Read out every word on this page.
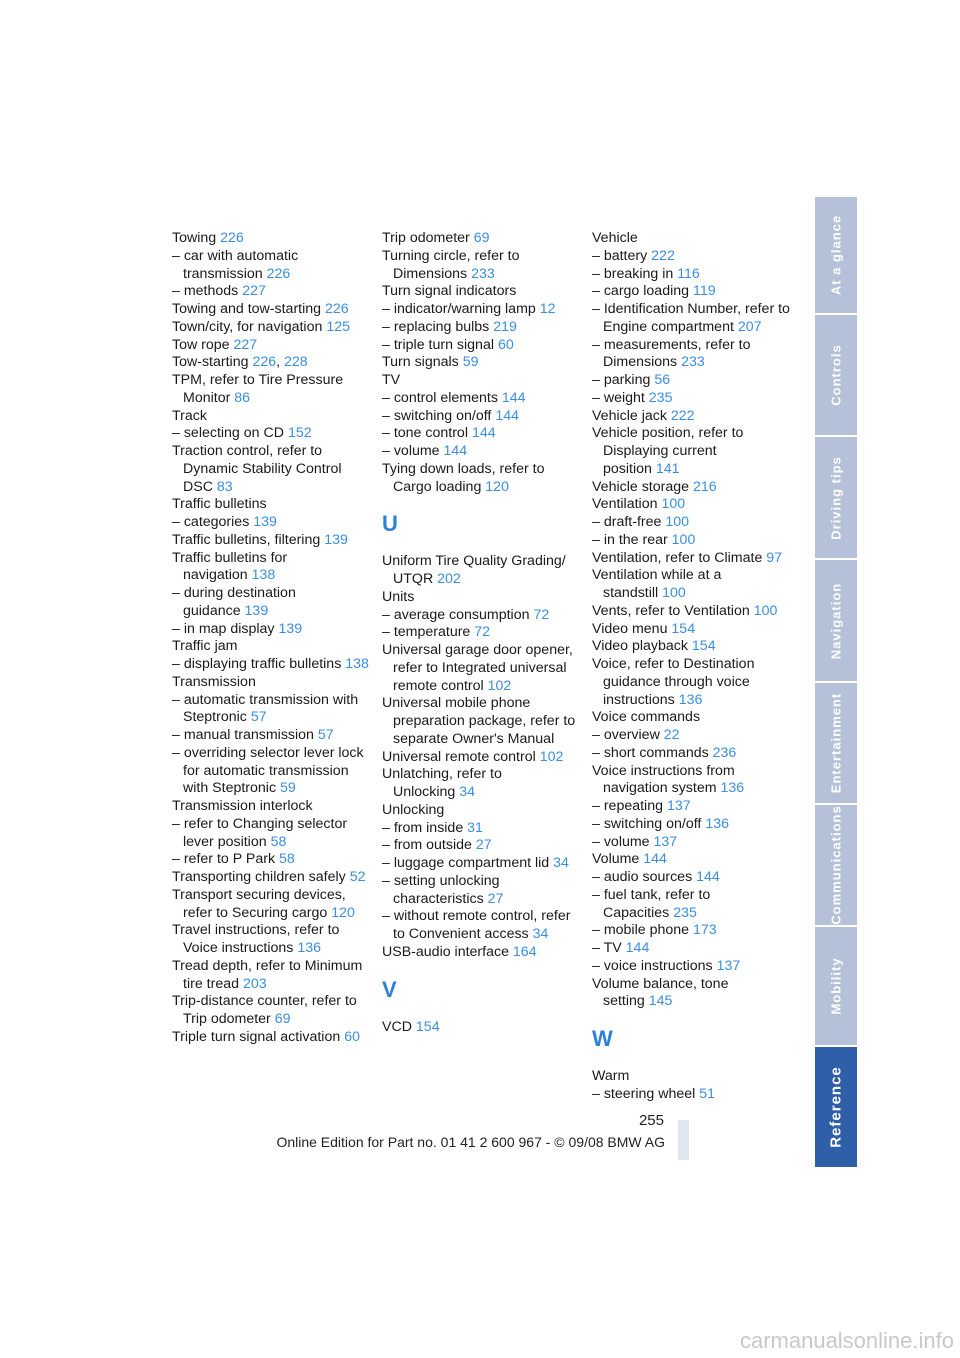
Towing 226
– car with automatic transmission 226
– methods 227
Towing and tow-starting 226
Town/city, for navigation 125
Tow rope 227
Tow-starting 226, 228
TPM, refer to Tire Pressure Monitor 86
Track
– selecting on CD 152
Traction control, refer to Dynamic Stability Control DSC 83
Traffic bulletins
– categories 139
Traffic bulletins, filtering 139
Traffic bulletins for navigation 138
– during destination guidance 139
– in map display 139
Traffic jam
– displaying traffic bulletins 138
Transmission
– automatic transmission with Steptronic 57
– manual transmission 57
– overriding selector lever lock for automatic transmission with Steptronic 59
Transmission interlock
– refer to Changing selector lever position 58
– refer to P Park 58
Transporting children safely 52
Transport securing devices, refer to Securing cargo 120
Travel instructions, refer to Voice instructions 136
Tread depth, refer to Minimum tire tread 203
Trip-distance counter, refer to Trip odometer 69
Triple turn signal activation 60
Trip odometer 69
Turning circle, refer to Dimensions 233
Turn signal indicators
– indicator/warning lamp 12
– replacing bulbs 219
– triple turn signal 60
Turn signals 59
TV
– control elements 144
– switching on/off 144
– tone control 144
– volume 144
Tying down loads, refer to Cargo loading 120
U
Uniform Tire Quality Grading/ UTQR 202
Units
– average consumption 72
– temperature 72
Universal garage door opener, refer to Integrated universal remote control 102
Universal mobile phone preparation package, refer to separate Owner's Manual
Universal remote control 102
Unlatching, refer to Unlocking 34
Unlocking
– from inside 31
– from outside 27
– luggage compartment lid 34
– setting unlocking characteristics 27
– without remote control, refer to Convenient access 34
USB-audio interface 164
V
VCD 154
Vehicle
– battery 222
– breaking in 116
– cargo loading 119
– Identification Number, refer to Engine compartment 207
– measurements, refer to Dimensions 233
– parking 56
– weight 235
Vehicle jack 222
Vehicle position, refer to Displaying current position 141
Vehicle storage 216
Ventilation 100
– draft-free 100
– in the rear 100
Ventilation, refer to Climate 97
Ventilation while at a standstill 100
Vents, refer to Ventilation 100
Video menu 154
Video playback 154
Voice, refer to Destination guidance through voice instructions 136
Voice commands
– overview 22
– short commands 236
Voice instructions from navigation system 136
– repeating 137
– switching on/off 136
– volume 137
Volume 144
– audio sources 144
– fuel tank, refer to Capacities 235
– mobile phone 173
– TV 144
– voice instructions 137
Volume balance, tone setting 145
W
Warm
– steering wheel 51
At a glance
Controls
Driving tips
Navigation
Entertainment
Communications
Mobility
Reference
255
Online Edition for Part no. 01 41 2 600 967 - © 09/08 BMW AG
carmanualsonline.info
